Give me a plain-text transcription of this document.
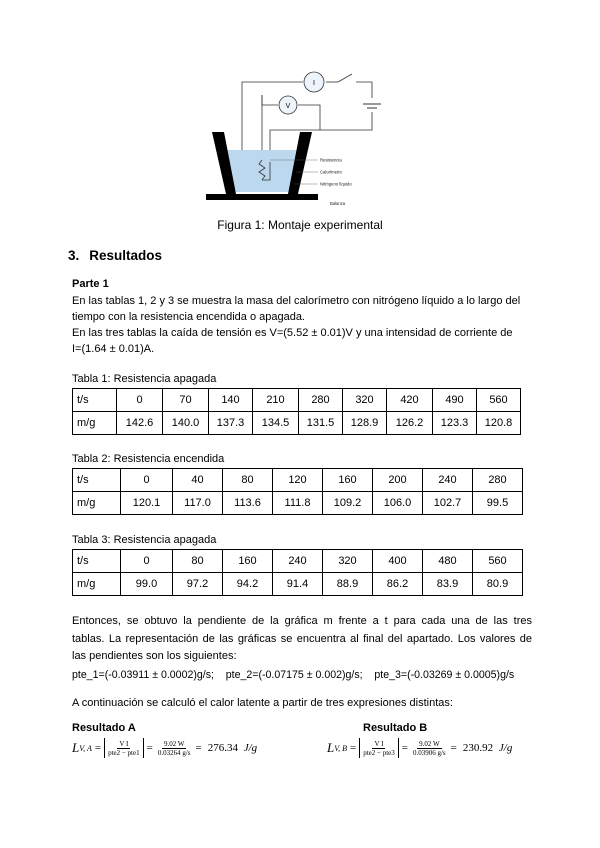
I
V
Resistencia
Calorímetro
Nitrógeno líquido
Balanza
Figura 1: Montaje experimental
3. Resultados
Parte 1
En las tablas 1, 2 y 3 se muestra la masa del calorímetro con nitrógeno líquido a lo largo del
tiempo con la resistencia encendida o apagada.
En las tres tablas la caída de tensión es V=(5.52 ± 0.01)V y una intensidad de corriente de
I=(1.64 ± 0.01)A.
Tabla 1: Resistencia apagada
t/s	0	70	140	210	280	320	420	490	560
m/g	142.6	140.0	137.3	134.5	131.5	128.9	126.2	123.3	120.8
Tabla 2: Resistencia encendida
t/s	0	40	80	120	160	200	240	280
m/g	120.1	117.0	113.6	111.8	109.2	106.0	102.7	99.5
Tabla 3: Resistencia apagada
t/s	0	80	160	240	320	400	480	560
m/g	99.0	97.2	94.2	91.4	88.9	86.2	83.9	80.9
Entonces, se obtuvo la pendiente de la gráfica m frente a t para cada una de las tres
tablas. La representación de las gráficas se encuentra al final del apartado. Los valores de
las pendientes son los siguientes:
pte_1=(-0.03911 ± 0.0002)g/s; pte_2=(-0.07175 ± 0.002)g/s; pte_3=(-0.03269 ± 0.0005)g/s
A continuación se calculó el calor latente a partir de tres expresiones distintas:
Resultado A
L V, $A = \frac{\text{V I}}{\text{pte2 − pte1}} = \frac{9.02 W}{0.03264 g/s} = 276.34$
J/g
Resultado B
L V, $B = \frac{\text{V I}}{\text{pte2 − pte3}} = \frac{9.02 W}{0.03906 g/s} = 230.92$
J/g
